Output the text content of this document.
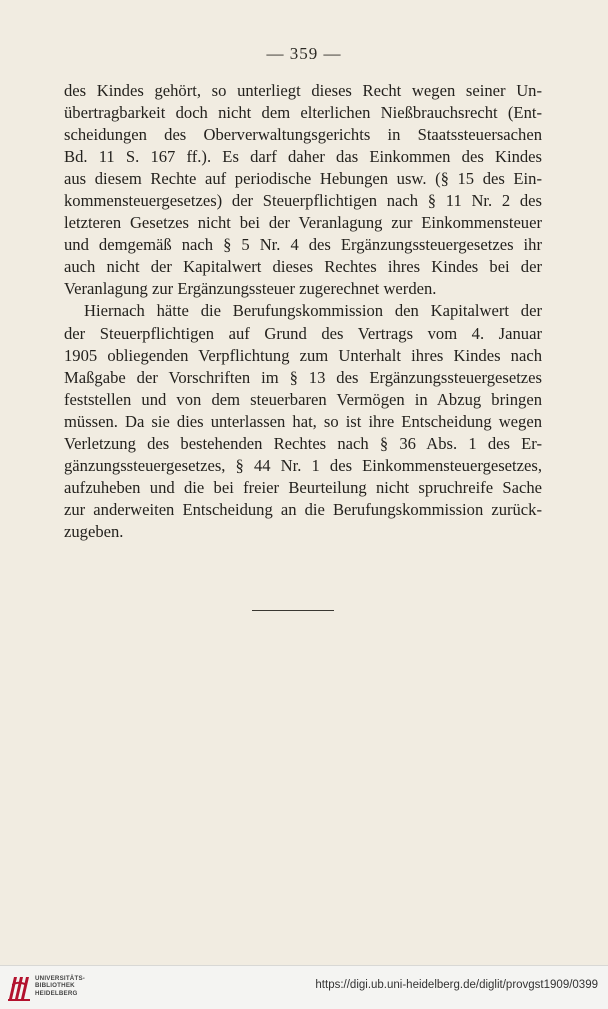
— 359 —
des Kindes gehört, so unterliegt dieses Recht wegen seiner Un-
übertragbarkeit doch nicht dem elterlichen Nießbrauchsrecht (Ent-
scheidungen des Oberverwaltungsgerichts in Staatssteuersachen
Bd. 11 S. 167 ff.). Es darf daher das Einkommen des Kindes
aus diesem Rechte auf periodische Hebungen usw. (§ 15 des Ein-
kommensteuergesetzes) der Steuerpflichtigen nach § 11 Nr. 2 des
letzteren Gesetzes nicht bei der Veranlagung zur Einkommensteuer
und demgemäß nach § 5 Nr. 4 des Ergänzungssteuergesetzes ihr
auch nicht der Kapitalwert dieses Rechtes ihres Kindes bei der
Veranlagung zur Ergänzungssteuer zugerechnet werden.
Hiernach hätte die Berufungskommission den Kapitalwert der
der Steuerpflichtigen auf Grund des Vertrags vom 4. Januar
1905 obliegenden Verpflichtung zum Unterhalt ihres Kindes nach
Maßgabe der Vorschriften im § 13 des Ergänzungssteuergesetzes
feststellen und von dem steuerbaren Vermögen in Abzug bringen
müssen. Da sie dies unterlassen hat, so ist ihre Entscheidung wegen
Verletzung des bestehenden Rechtes nach § 36 Abs. 1 des Er-
gänzungssteuergesetzes, § 44 Nr. 1 des Einkommensteuergesetzes,
aufzuheben und die bei freier Beurteilung nicht spruchreife Sache
zur anderweiten Entscheidung an die Berufungskommission zurück-
zugeben.
UNIVERSITÄTS-
BIBLIOTHEK
HEIDELBERG
https://digi.ub.uni-heidelberg.de/diglit/provgst1909/0399
